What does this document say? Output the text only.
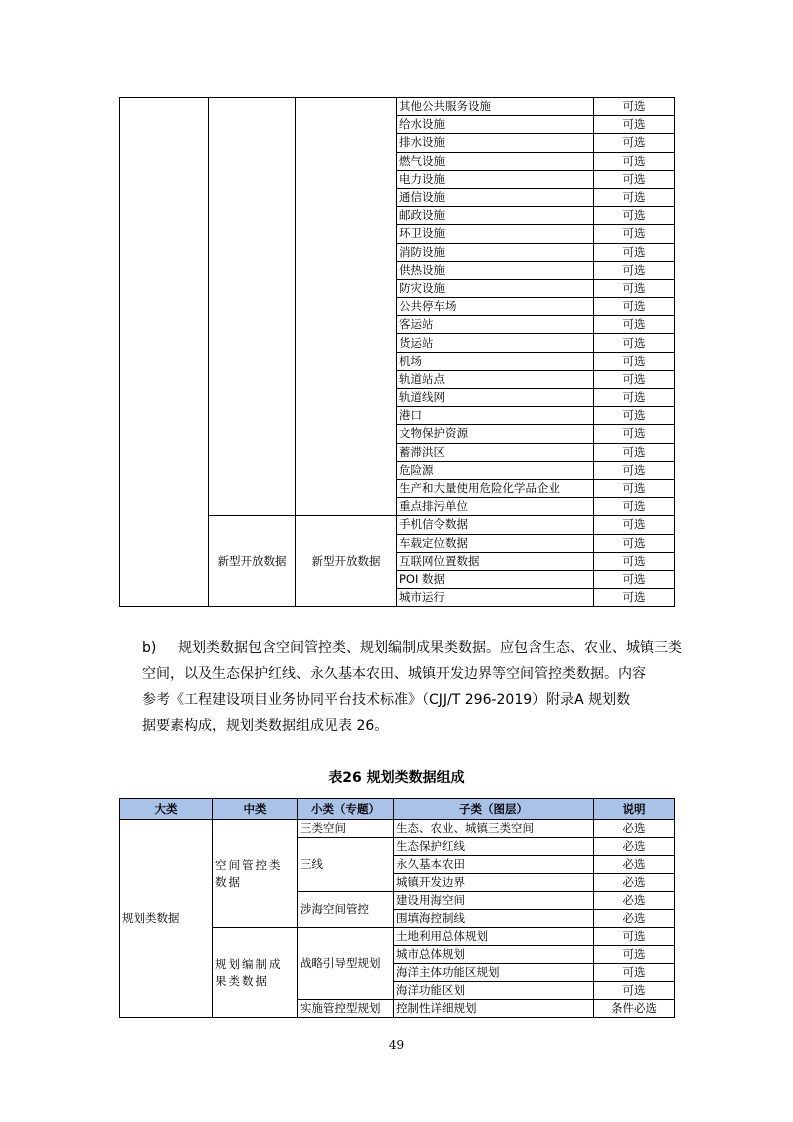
			其他公共服务设施	可选
			给水设施	可选
			排水设施	可选
			燃气设施	可选
			电力设施	可选
			通信设施	可选
			邮政设施	可选
			环卫设施	可选
			消防设施	可选
			供热设施	可选
			防灾设施	可选
			公共停车场	可选
			客运站	可选
			货运站	可选
			机场	可选
			轨道站点	可选
			轨道线网	可选
			港口	可选
			文物保护资源	可选
			蓄滞洪区	可选
			危险源	可选
			生产和大量使用危险化学品企业	可选
			重点排污单位	可选
	新型开放数据	新型开放数据	手机信令数据	可选
			车载定位数据	可选
			互联网位置数据	可选
			POI 数据	可选
			城市运行	可选
b) 规划类数据包含空间管控类、规划编制成果类数据。应包含生态、农业、城镇三类
空间，以及生态保护红线、永久基本农田、城镇开发边界等空间管控类数据。内容
参考《工程建设项目业务协同平台技术标准》（CJJ/T 296-2019）附录A 规划数
据要素构成，规划类数据组成见表 26。
表26 规划类数据组成
大类	中类	小类（专题）	子类（图层）	说明
规划类数据	空间管控类数据	三类空间	生态、农业、城镇三类空间	必选
		三线	生态保护红线	必选
			永久基本农田	必选
			城镇开发边界	必选
		涉海空间管控	建设用海空间	必选
			围填海控制线	必选
	规划编制成果类数据	战略引导型规划	土地利用总体规划	可选
			城市总体规划	可选
			海洋主体功能区规划	可选
			海洋功能区划	可选
		实施管控型规划	控制性详细规划	条件必选
49
